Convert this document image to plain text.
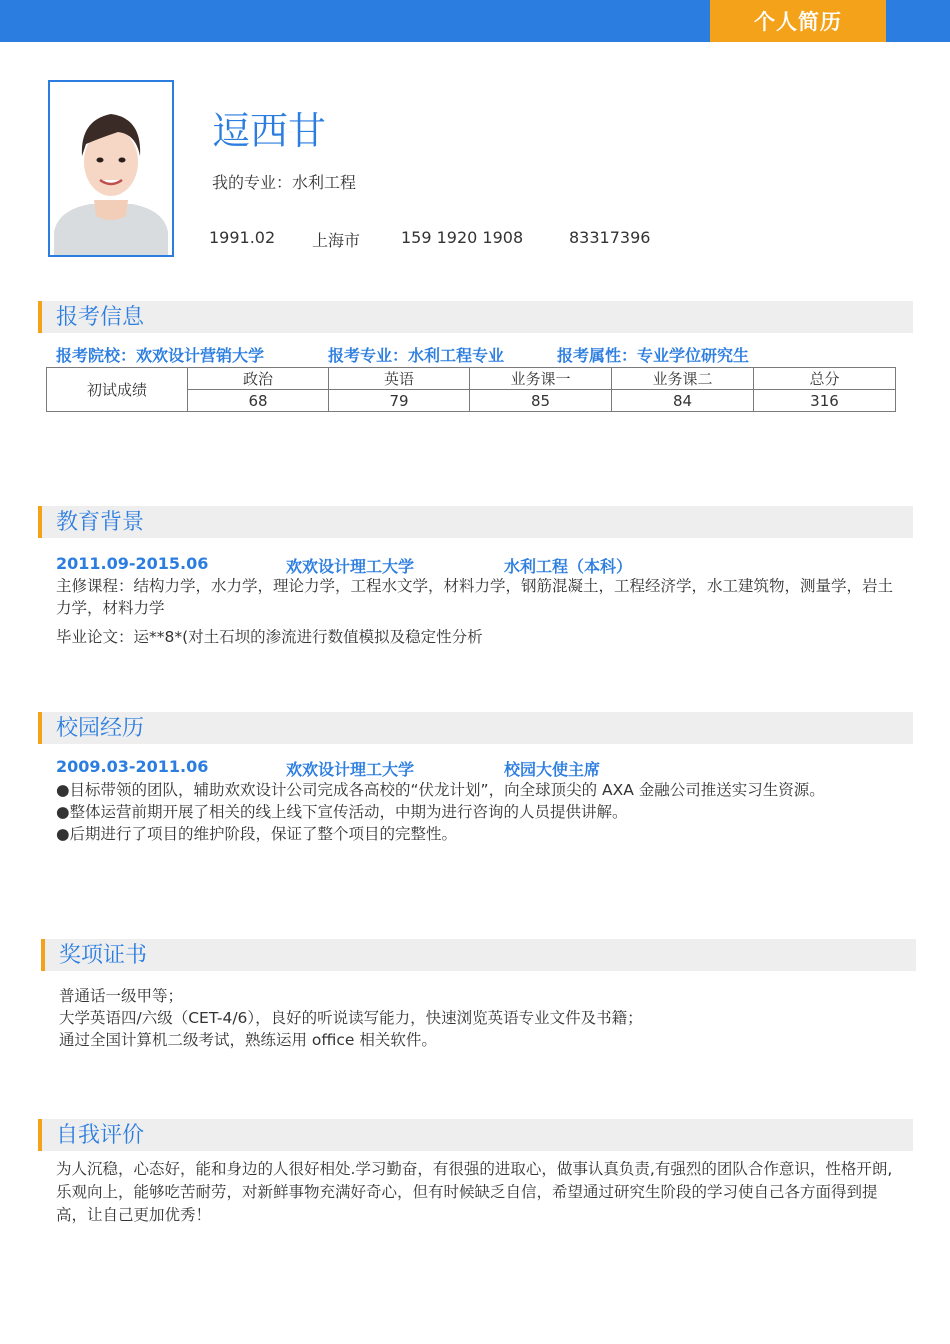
个人简历
逗西甘
我的专业：水利工程
1991.02 上海市	159 1920 1908	83317396
报考信息
报考院校：欢欢设计营销大学	报考专业：水利工程专业	报考属性：专业学位研究生
初试成绩	政治	英语	业务课一	业务课二	总分
	68	79	85	84	316
教育背景
2011.09-2015.06	欢欢设计理工大学	水利工程（本科）
主修课程：结构力学，水力学，理论力学，工程水文学，材料力学，钢筋混凝土，工程经济学，水工建筑物，测量学，岩土力学，材料力学
毕业论文：运**8*(对土石坝的渗流进行数值模拟及稳定性分析
校园经历
2009.03-2011.06	欢欢设计理工大学	校园大使主席
●目标带领的团队，辅助欢欢设计公司完成各高校的“伏龙计划”，向全球顶尖的 AXA 金融公司推送实习生资源。
●整体运营前期开展了相关的线上线下宣传活动，中期为进行咨询的人员提供讲解。
●后期进行了项目的维护阶段，保证了整个项目的完整性。
奖项证书
普通话一级甲等；
大学英语四/六级（CET-4/6），良好的听说读写能力，快速浏览英语专业文件及书籍；
通过全国计算机二级考试，熟练运用 office 相关软件。
自我评价
为人沉稳，心态好，能和身边的人很好相处.学习勤奋，有很强的进取心，做事认真负责,有强烈的团队合作意识，性格开朗,乐观向上，能够吃苦耐劳，对新鲜事物充满好奇心，但有时候缺乏自信，希望通过研究生阶段的学习使自己各方面得到提高，让自己更加优秀！
